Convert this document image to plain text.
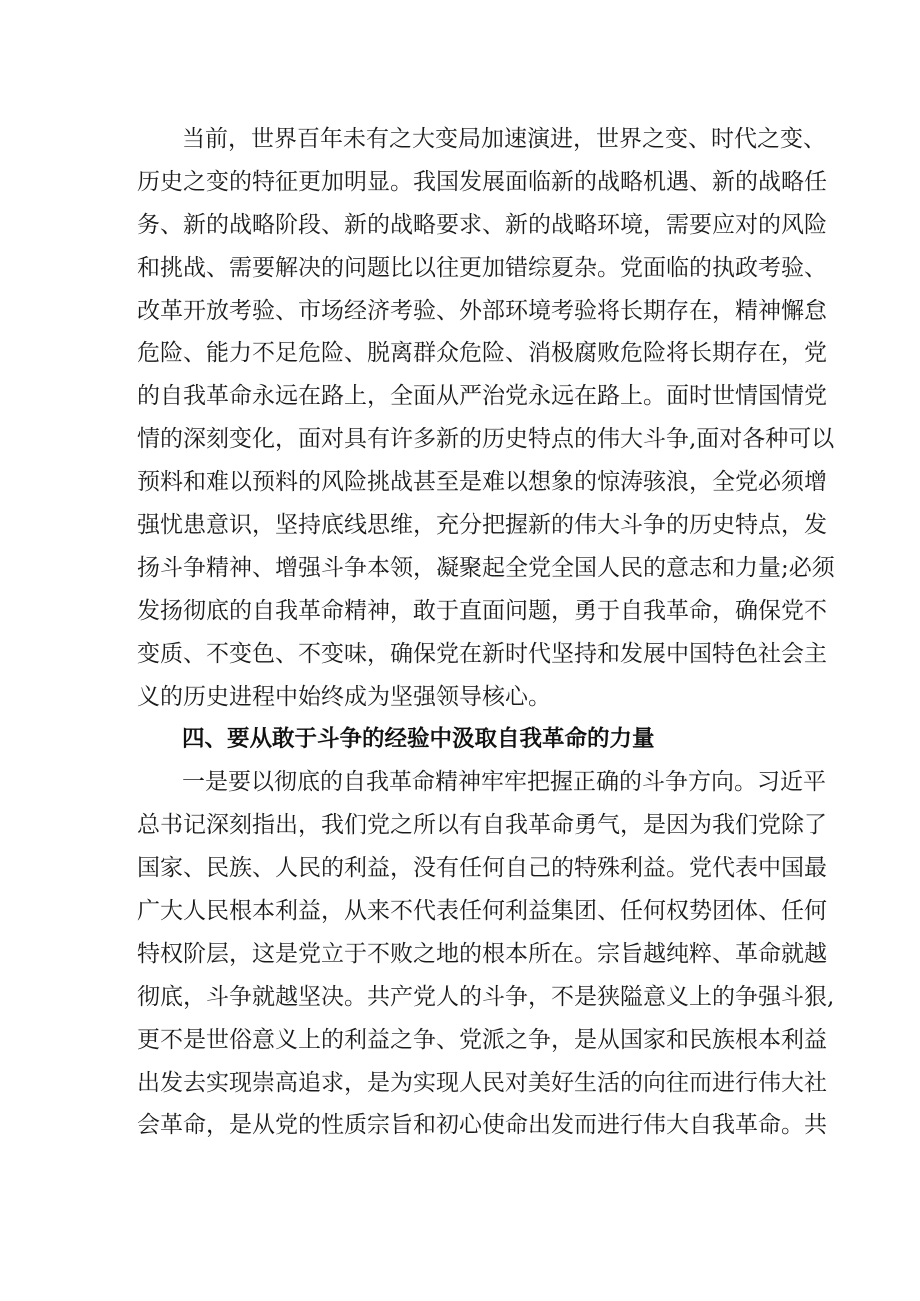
当前，世界百年未有之大变局加速演进，世界之变、时代之变、
历史之变的特征更加明显。我国发展面临新的战略机遇、新的战略任
务、新的战略阶段、新的战略要求、新的战略环境，需要应对的风险
和挑战、需要解决的问题比以往更加错综夏杂。党面临的执政考验、
改革开放考验、市场经济考验、外部环境考验将长期存在，精神懈怠
危险、能力不足危险、脱离群众危险、消极腐败危险将长期存在，党
的自我革命永远在路上，全面从严治党永远在路上。面时世情国情党
情的深刻变化，面对具有许多新的历史特点的伟大斗争,面对各种可以
预料和难以预料的风险挑战甚至是难以想象的惊涛骇浪，全党必须增
强忧患意识，坚持底线思维，充分把握新的伟大斗争的历史特点，发
扬斗争精神、增强斗争本领，凝聚起全党全国人民的意志和力量;必须
发扬彻底的自我革命精神，敢于直面问题，勇于自我革命，确保党不
变质、不变色、不变味，确保党在新时代坚持和发展中国特色社会主
义的历史进程中始终成为坚强领导核心。
四、要从敢于斗争的经验中汲取自我革命的力量
一是要以彻底的自我革命精神牢牢把握正确的斗争方向。习近平
总书记深刻指出，我们党之所以有自我革命勇气，是因为我们党除了
国家、民族、人民的利益，没有任何自己的特殊利益。党代表中国最
广大人民根本利益，从来不代表任何利益集团、任何权势团体、任何
特权阶层，这是党立于不败之地的根本所在。宗旨越纯粹、革命就越
彻底，斗争就越坚决。共产党人的斗争，不是狭隘意义上的争强斗狠,
更不是世俗意义上的利益之争、党派之争，是从国家和民族根本利益
出发去实现崇高追求，是为实现人民对美好生活的向往而进行伟大社
会革命，是从党的性质宗旨和初心使命出发而进行伟大自我革命。共
